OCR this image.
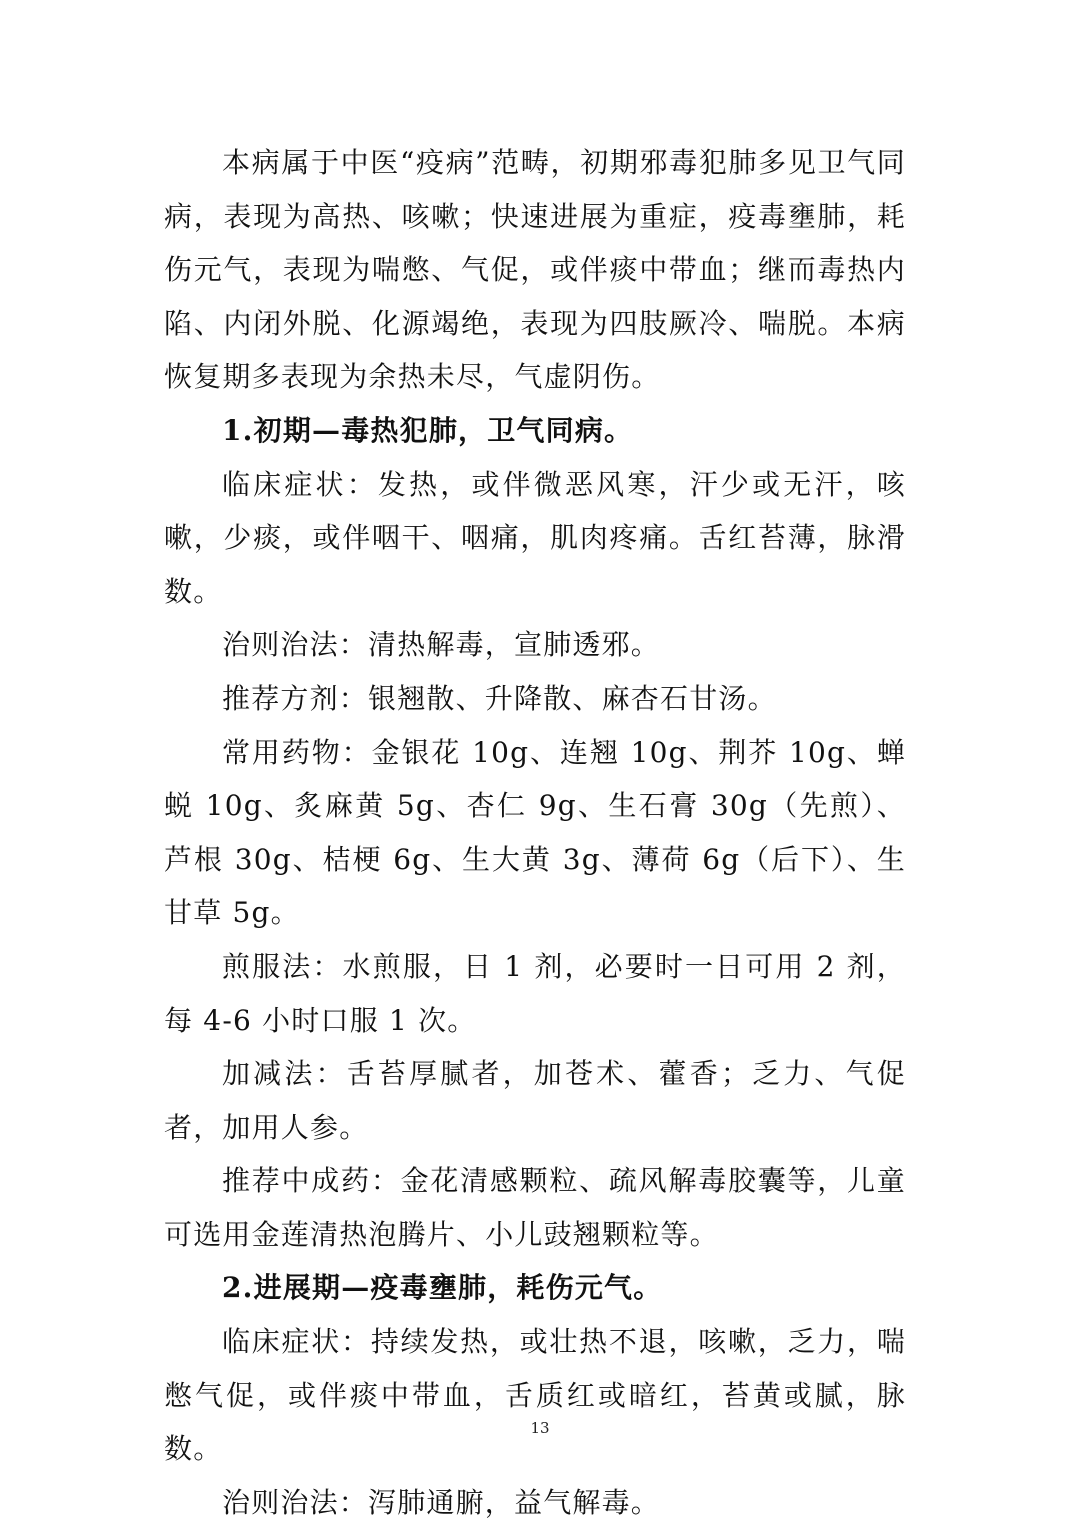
本病属于中医“疫病”范畴，初期邪毒犯肺多见卫气同病，表现为高热、咳嗽；快速进展为重症，疫毒壅肺，耗伤元气，表现为喘憋、气促，或伴痰中带血；继而毒热内陷、内闭外脱、化源竭绝，表现为四肢厥冷、喘脱。本病恢复期多表现为余热未尽，气虚阴伤。

1.初期—毒热犯肺，卫气同病。

临床症状：发热，或伴微恶风寒，汗少或无汗，咳嗽，少痰，或伴咽干、咽痛，肌肉疼痛。舌红苔薄，脉滑数。

治则治法：清热解毒，宣肺透邪。

推荐方剂：银翘散、升降散、麻杏石甘汤。

常用药物：金银花 10g、连翘 10g、荆芥 10g、蝉蜕 10g、炙麻黄 5g、杏仁 9g、生石膏 30g（先煎）、芦根 30g、桔梗 6g、生大黄 3g、薄荷 6g（后下）、生甘草 5g。

煎服法：水煎服，日 1 剂，必要时一日可用 2 剂，每 4-6 小时口服 1 次。

加减法：舌苔厚腻者，加苍术、藿香；乏力、气促者，加用人参。

推荐中成药：金花清感颗粒、疏风解毒胶囊等，儿童可选用金莲清热泡腾片、小儿豉翘颗粒等。

2.进展期—疫毒壅肺，耗伤元气。

临床症状：持续发热，或壮热不退，咳嗽，乏力，喘憋气促，或伴痰中带血，舌质红或暗红，苔黄或腻，脉数。

治则治法：泻肺通腑，益气解毒。

13
